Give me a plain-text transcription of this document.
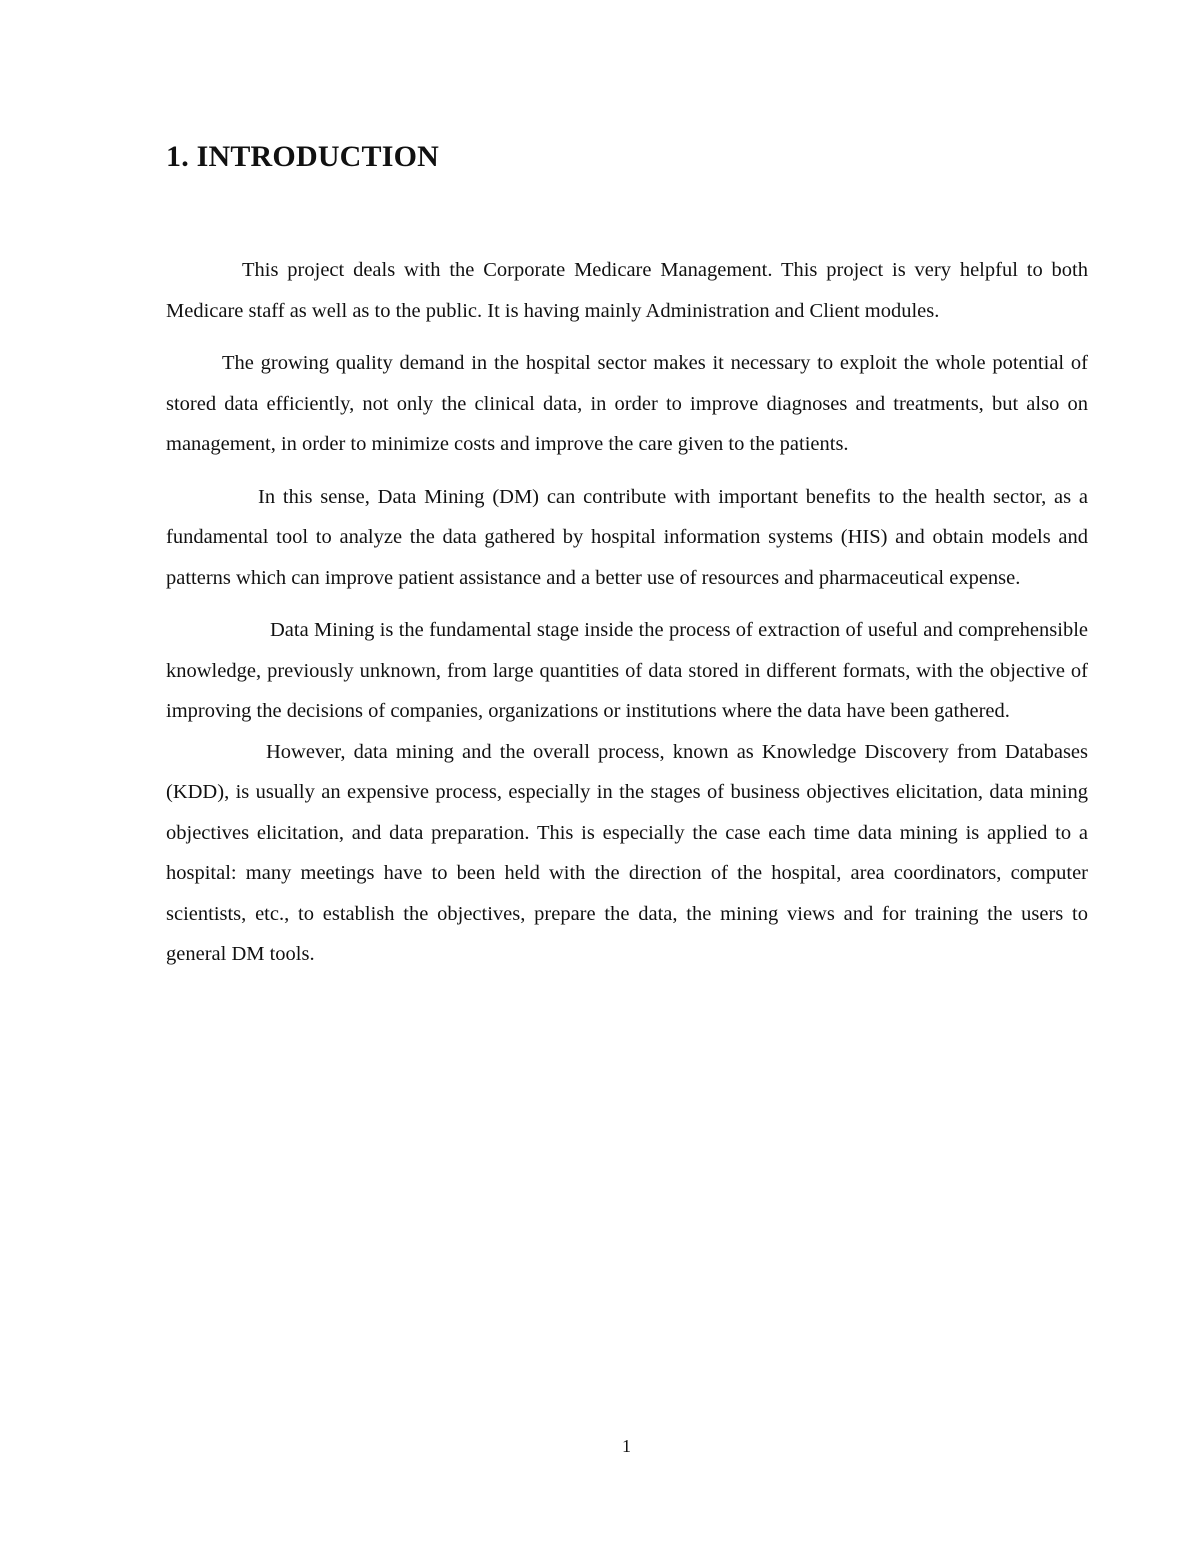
1. INTRODUCTION

This project deals with the Corporate Medicare Management. This project is very helpful to both Medicare staff as well as to the public. It is having mainly Administration and Client modules.

The growing quality demand in the hospital sector makes it necessary to exploit the whole potential of stored data efficiently, not only the clinical data, in order to improve diagnoses and treatments, but also on management, in order to minimize costs and improve the care given to the patients.

In this sense, Data Mining (DM) can contribute with important benefits to the health sector, as a fundamental tool to analyze the data gathered by hospital information systems (HIS) and obtain models and patterns which can improve patient assistance and a better use of resources and pharmaceutical expense.

Data Mining is the fundamental stage inside the process of extraction of useful and comprehensible knowledge, previously unknown, from large quantities of data stored in different formats, with the objective of improving the decisions of companies, organizations or institutions where the data have been gathered.

However, data mining and the overall process, known as Knowledge Discovery from Databases (KDD), is usually an expensive process, especially in the stages of business objectives elicitation, data mining objectives elicitation, and data preparation. This is especially the case each time data mining is applied to a hospital: many meetings have to been held with the direction of the hospital, area coordinators, computer scientists, etc., to establish the objectives, prepare the data, the mining views and for training the users to general DM tools.

1
